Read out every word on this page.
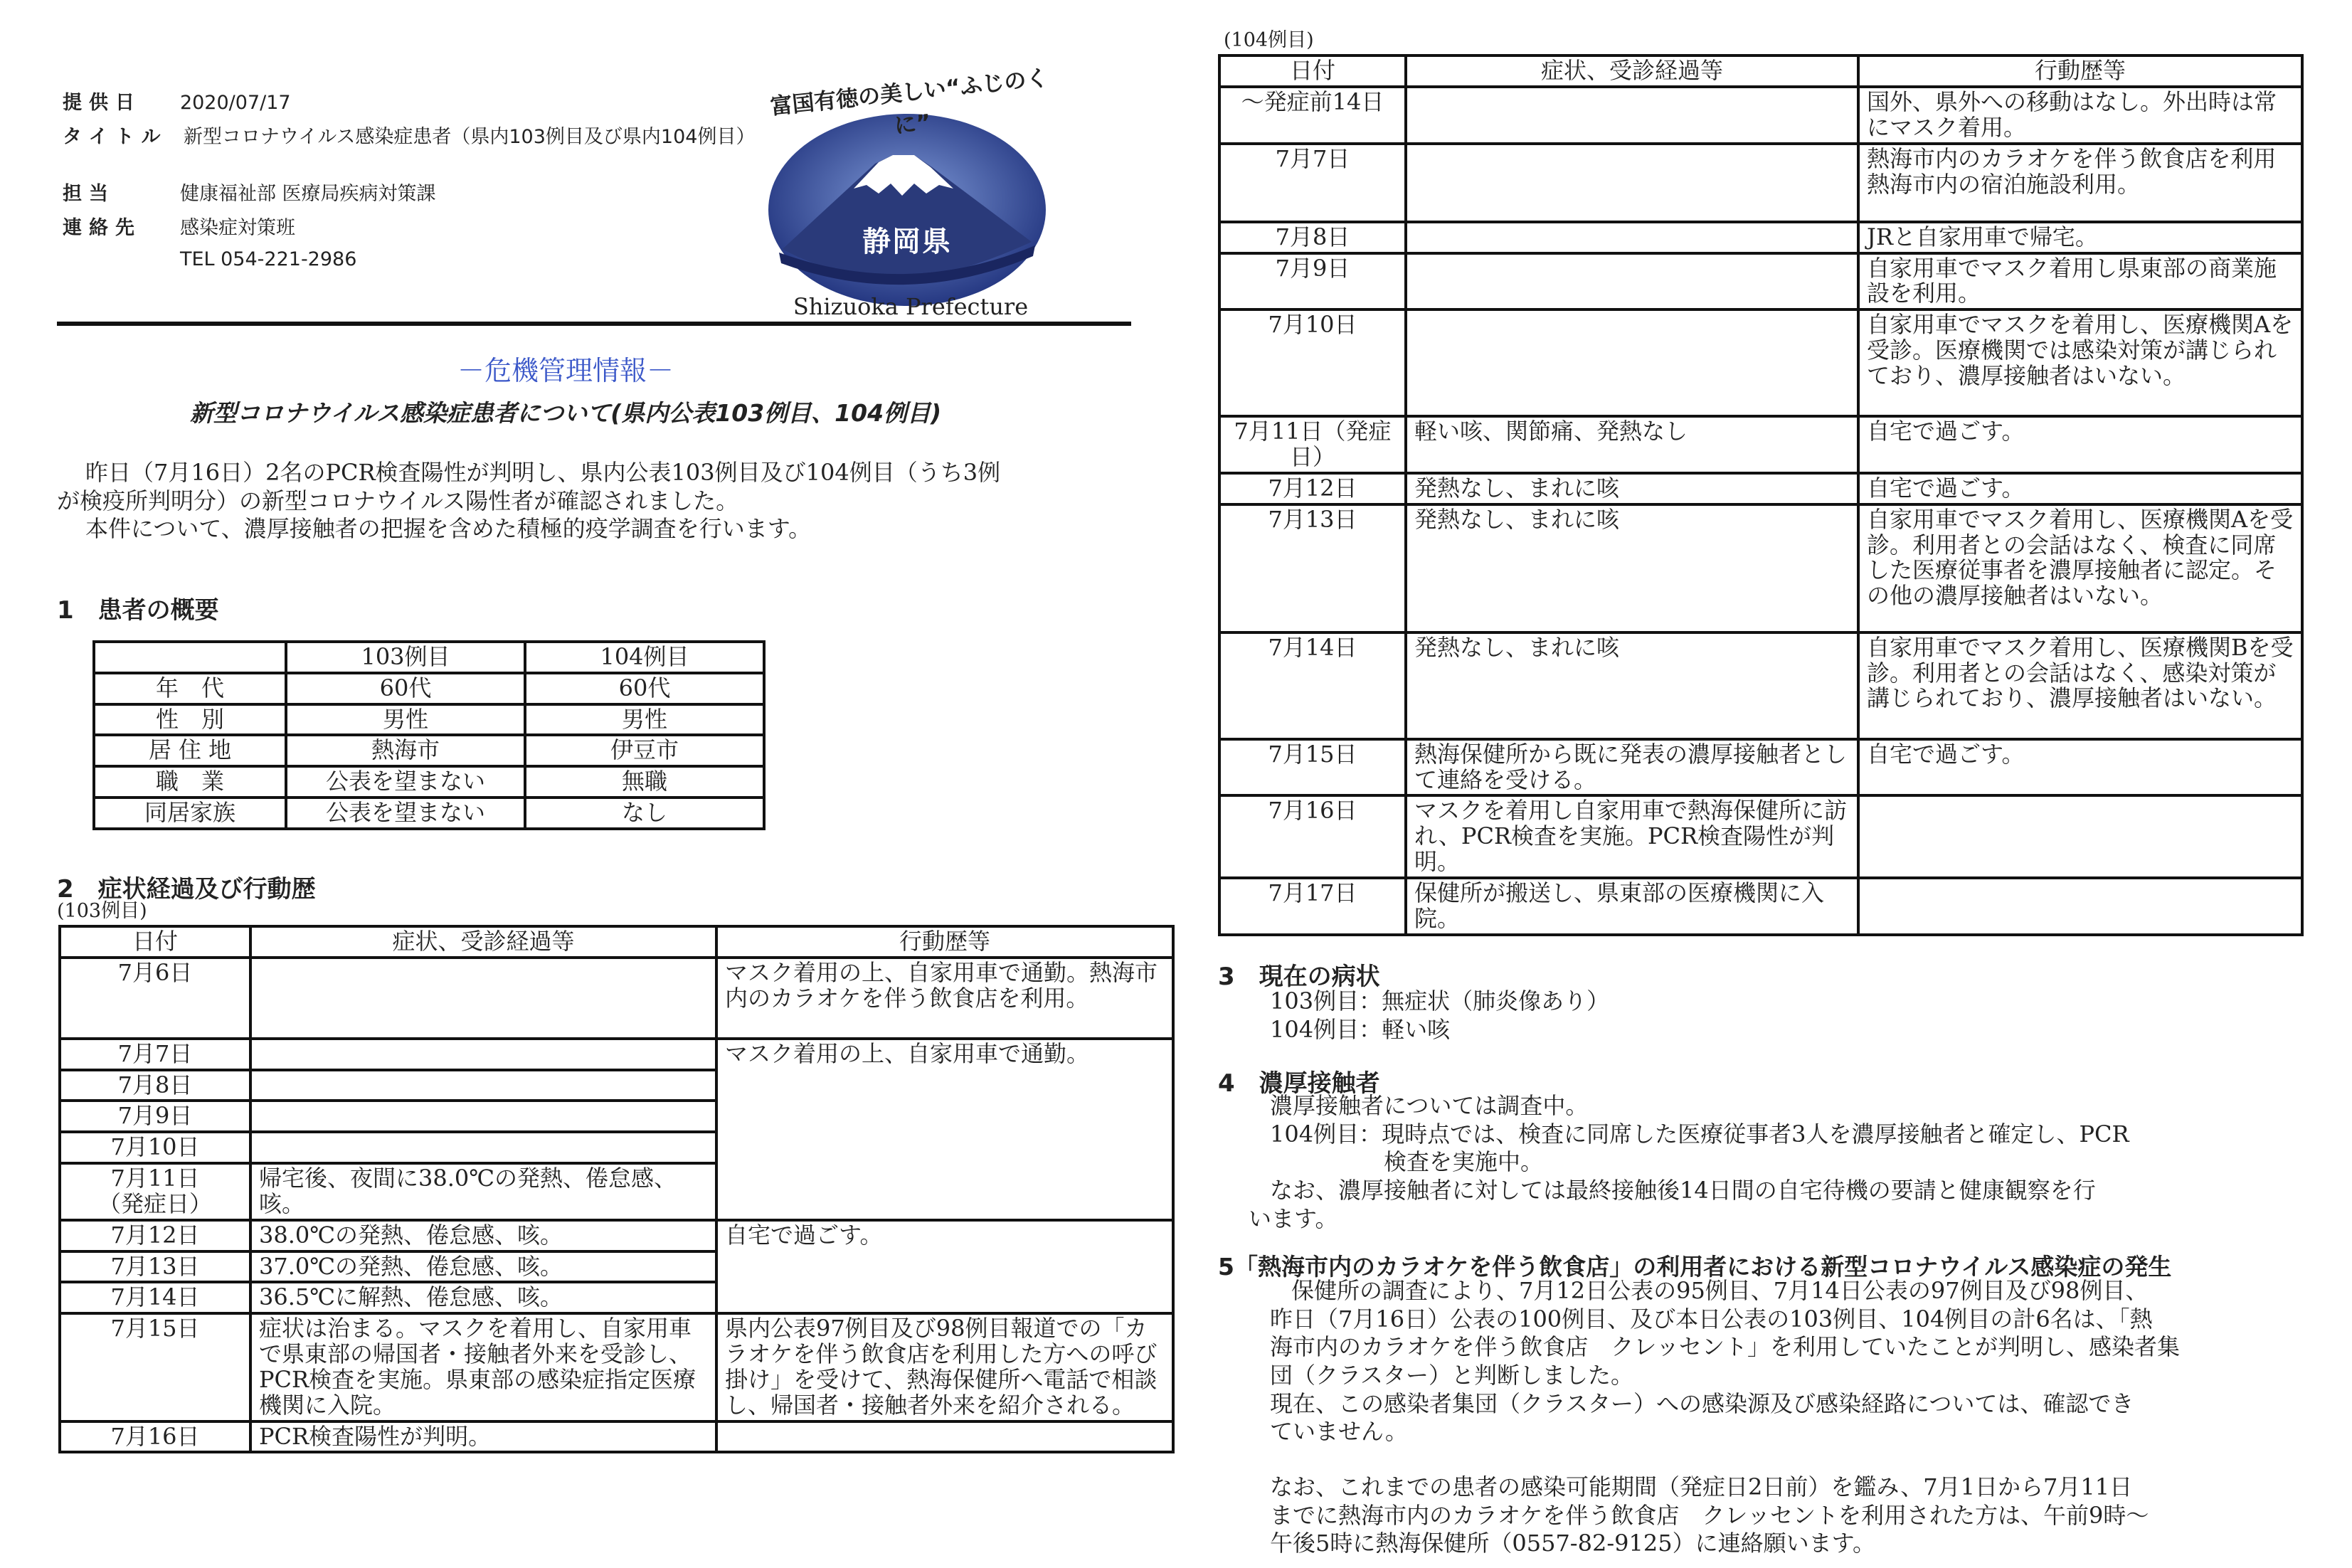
提供日	2020/07/17
タイトル 新型コロナウイルス感染症患者（県内103例目及び県内104例目）
担当	健康福祉部 医療局疾病対策課
連絡先	感染症対策班
TEL 054-221-2986
富国有徳の美しい“ふじのくに”
静岡県
Shizuoka Prefecture
－危機管理情報－
新型コロナウイルス感染症患者について(県内公表103例目、104例目)
昨日（7月16日）2名のPCR検査陽性が判明し、県内公表103例目及び104例目（うち3例
が検疫所判明分）の新型コロナウイルス陽性者が確認されました。
本件について、濃厚接触者の把握を含めた積極的疫学調査を行います。
1　患者の概要
	103例目	104例目
年　代	60代	60代
性　別	男性	男性
居 住 地	熱海市	伊豆市
職　業	公表を望まない	無職
同居家族	公表を望まない	なし
2　症状経過及び行動歴
(103例目)
日付	症状、受診経過等	行動歴等
7月6日		マスク着用の上、自家用車で通勤。熱海市内のカラオケを伴う飲食店を利用。
7月7日		マスク着用の上、自家用車で通勤。
7月8日		
7月9日		
7月10日		

7月11日
（発症日）	帰宅後、夜間に38.0℃の発熱、倦怠感、咳。	
7月12日	38.0℃の発熱、倦怠感、咳。	自宅で過ごす。
7月13日	37.0℃の発熱、倦怠感、咳。	
7月14日	36.5℃に解熱、倦怠感、咳。	
7月15日	症状は治まる。マスクを着用し、自家用車で県東部の帰国者・接触者外来を受診し、PCR検査を実施。県東部の感染症指定医療機関に入院。	県内公表97例目及び98例目報道での「カラオケを伴う飲食店を利用した方への呼び掛け」を受けて、熱海保健所へ電話で相談し、帰国者・接触者外来を紹介される。
7月16日	PCR検査陽性が判明。	
(104例目)
日付	症状、受診経過等	行動歴等
～発症前14日		国外、県外への移動はなし。外出時は常にマスク着用。
7月7日		熱海市内のカラオケを伴う飲食店を利用熱海市内の宿泊施設利用。
7月8日		JRと自家用車で帰宅。
7月9日		自家用車でマスク着用し県東部の商業施設を利用。
7月10日		自家用車でマスクを着用し、医療機関Aを受診。医療機関では感染対策が講じられており、濃厚接触者はいない。
7月11日（発症日）	軽い咳、関節痛、発熱なし	自宅で過ごす。
7月12日	発熱なし、まれに咳	自宅で過ごす。
7月13日	発熱なし、まれに咳	自家用車でマスク着用し、医療機関Aを受診。利用者との会話はなく、検査に同席した医療従事者を濃厚接触者に認定。その他の濃厚接触者はいない。
7月14日	発熱なし、まれに咳	自家用車でマスク着用し、医療機関Bを受診。利用者との会話はなく、感染対策が講じられており、濃厚接触者はいない。
7月15日	熱海保健所から既に発表の濃厚接触者として連絡を受ける。	自宅で過ごす。
7月16日	マスクを着用し自家用車で熱海保健所に訪れ、PCR検査を実施。PCR検査陽性が判明。	
7月17日	保健所が搬送し、県東部の医療機関に入院。	
3　現在の病状
103例目：無症状（肺炎像あり）
104例目：軽い咳
4　濃厚接触者
濃厚接触者については調査中。
104例目：現時点では、検査に同席した医療従事者3人を濃厚接触者と確定し、PCR
検査を実施中。
なお、濃厚接触者に対しては最終接触後14日間の自宅待機の要請と健康観察を行
います。
5「熱海市内のカラオケを伴う飲食店」の利用者における新型コロナウイルス感染症の発生
保健所の調査により、7月12日公表の95例目、7月14日公表の97例目及び98例目、
昨日（7月16日）公表の100例目、及び本日公表の103例目、104例目の計6名は、「熱
海市内のカラオケを伴う飲食店　クレッセント」を利用していたことが判明し、感染者集
団（クラスター）と判断しました。
現在、この感染者集団（クラスター）への感染源及び感染経路については、確認でき
ていません。
なお、これまでの患者の感染可能期間（発症日2日前）を鑑み、7月1日から7月11日
までに熱海市内のカラオケを伴う飲食店　クレッセントを利用された方は、午前9時～
午後5時に熱海保健所（0557-82-9125）に連絡願います。
